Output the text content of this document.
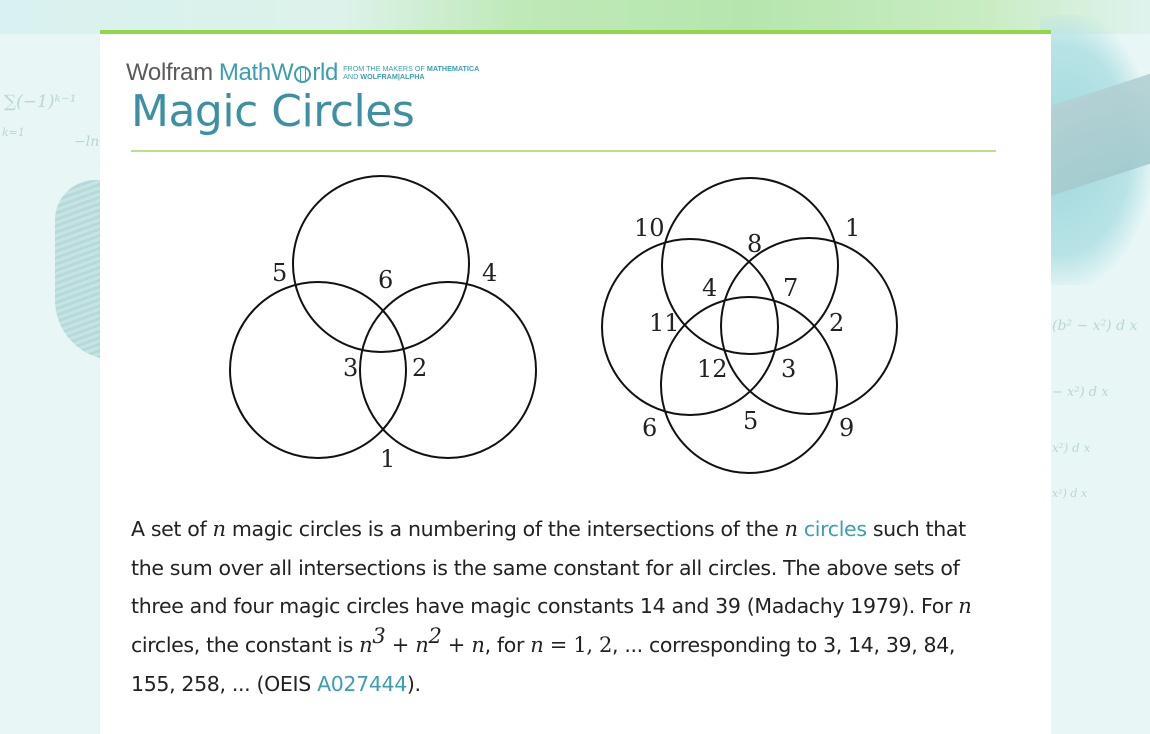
∑(−1)ᵏ⁻¹
k=1
−ln
(b² − x²) d x
− x²) d x
x²) d x
x²) d x
Wolfram MathW rld FROM THE MAKERS OF MATHEMATICA
AND WOLFRAM|ALPHA
Magic Circles
5	6	4
3 2
1
10
8
1
4	7
11	2
12 3
6	5	9

A set of n magic circles is a numbering of the intersections of the n circles such that the sum over all intersections is the same constant for all circles. The above sets of three and four magic circles have magic constants 14 and 39 (Madachy 1979). For n circles, the constant is $n^3 + n^2 + n$, for n = 1, 2, ... corresponding to 3, 14, 39, 84, 155, 258, ... (OEIS A027444).
